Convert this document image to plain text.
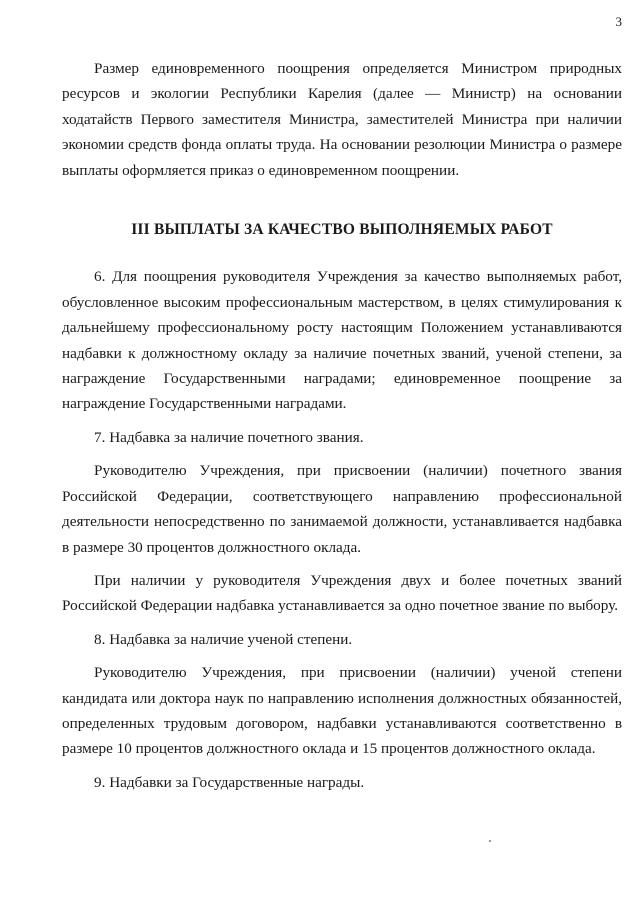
3

Размер единовременного поощрения определяется Министром природных ресурсов и экологии Республики Карелия (далее — Министр) на основании ходатайств Первого заместителя Министра, заместителей Министра при наличии экономии средств фонда оплаты труда. На основании резолюции Министра о размере выплаты оформляется приказ о единовременном поощрении.

III ВЫПЛАТЫ ЗА КАЧЕСТВО ВЫПОЛНЯЕМЫХ РАБОТ

6. Для поощрения руководителя Учреждения за качество выполняемых работ, обусловленное высоким профессиональным мастерством, в целях стимулирования к дальнейшему профессиональному росту настоящим Положением устанавливаются надбавки к должностному окладу за наличие почетных званий, ученой степени, за награждение Государственными наградами; единовременное поощрение за награждение Государственными наградами.

7. Надбавка за наличие почетного звания.

Руководителю Учреждения, при присвоении (наличии) почетного звания Российской Федерации, соответствующего направлению профессиональной деятельности непосредственно по занимаемой должности, устанавливается надбавка в размере 30 процентов должностного оклада.

При наличии у руководителя Учреждения двух и более почетных званий Российской Федерации надбавка устанавливается за одно почетное звание по выбору.

8. Надбавка за наличие ученой степени.

Руководителю Учреждения, при присвоении (наличии) ученой степени кандидата или доктора наук по направлению исполнения должностных обязанностей, определенных трудовым договором, надбавки устанавливаются соответственно в размере 10 процентов должностного оклада и 15 процентов должностного оклада.

9. Надбавки за Государственные награды.
